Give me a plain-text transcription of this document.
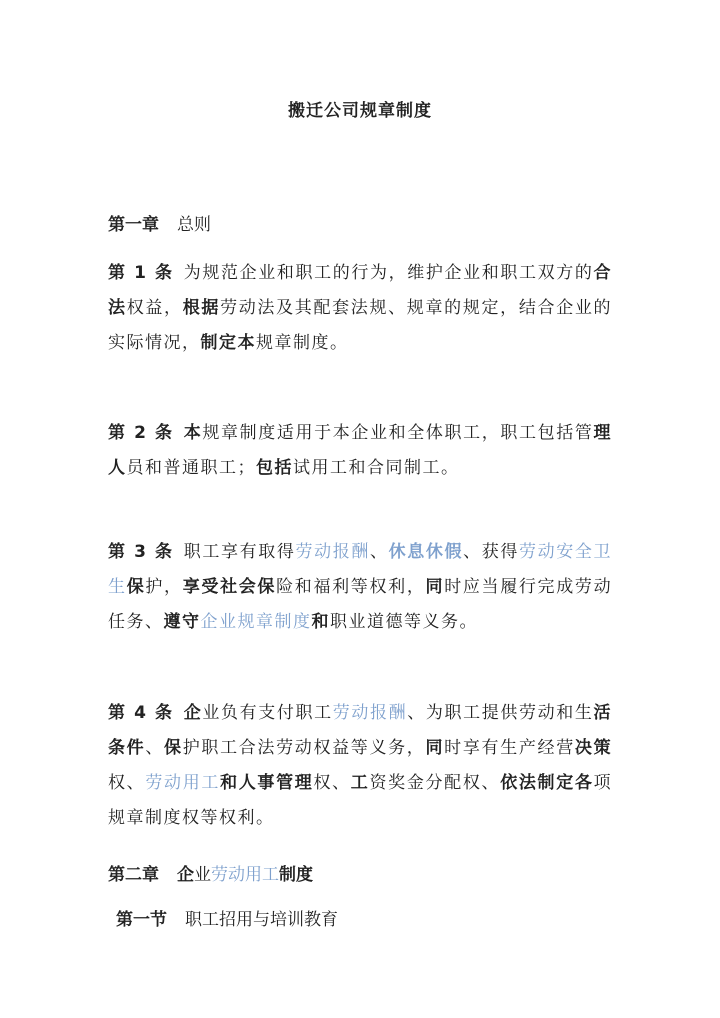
搬迁公司规章制度
第一章 总则
第 1 条 为规范企业和职工的行为，维护企业和职工双方的合法权益，根据劳动法及其配套法规、规章的规定，结合企业的实际情况，制定本规章制度。
第 2 条 本规章制度适用于本企业和全体职工，职工包括管理人员和普通职工；包括试用工和合同制工。
第 3 条 职工享有取得劳动报酬、休息休假、获得劳动安全卫生保护，享受社会保险和福利等权利，同时应当履行完成劳动任务、遵守企业规章制度和职业道德等义务。
第 4 条 企业负有支付职工劳动报酬、为职工提供劳动和生活条件、保护职工合法劳动权益等义务，同时享有生产经营决策权、劳动用工和人事管理权、工资奖金分配权、依法制定各项规章制度权等权利。
第二章 企业劳动用工制度
第一节 职工招用与培训教育
